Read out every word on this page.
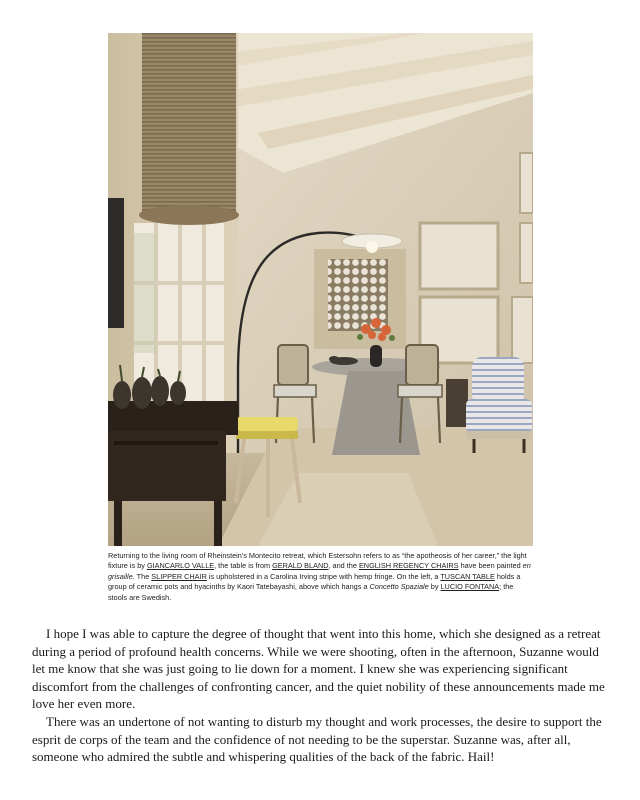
Returning to the living room of Rheinstein's Montecito retreat, which Estersohn refers to as “the apotheosis of her career,” the light fixture is by GIANCARLO VALLE, the table is from GERALD BLAND, and the ENGLISH REGENCY CHAIRS have been painted en grisaille. The SLIPPER CHAIR is upholstered in a Carolina Irving stripe with hemp fringe. On the left, a TUSCAN TABLE holds a group of ceramic pots and hyacinths by Kaori Tatebayashi, above which hangs a Concetto Spaziale by LUCIO FONTANA; the stools are Swedish.

I hope I was able to capture the degree of thought that went into this home, which she designed as a retreat during a period of profound health concerns. While we were shooting, often in the afternoon, Suzanne would let me know that she was just going to lie down for a moment. I knew she was experiencing significant discomfort from the challenges of confronting cancer, and the quiet nobility of these announcements made me love her even more.

There was an undertone of not wanting to disturb my thought and work processes, the desire to support the esprit de corps of the team and the confidence of not needing to be the superstar. Suzanne was, after all, someone who admired the subtle and whispering qualities of the back of the fabric. Hail!
